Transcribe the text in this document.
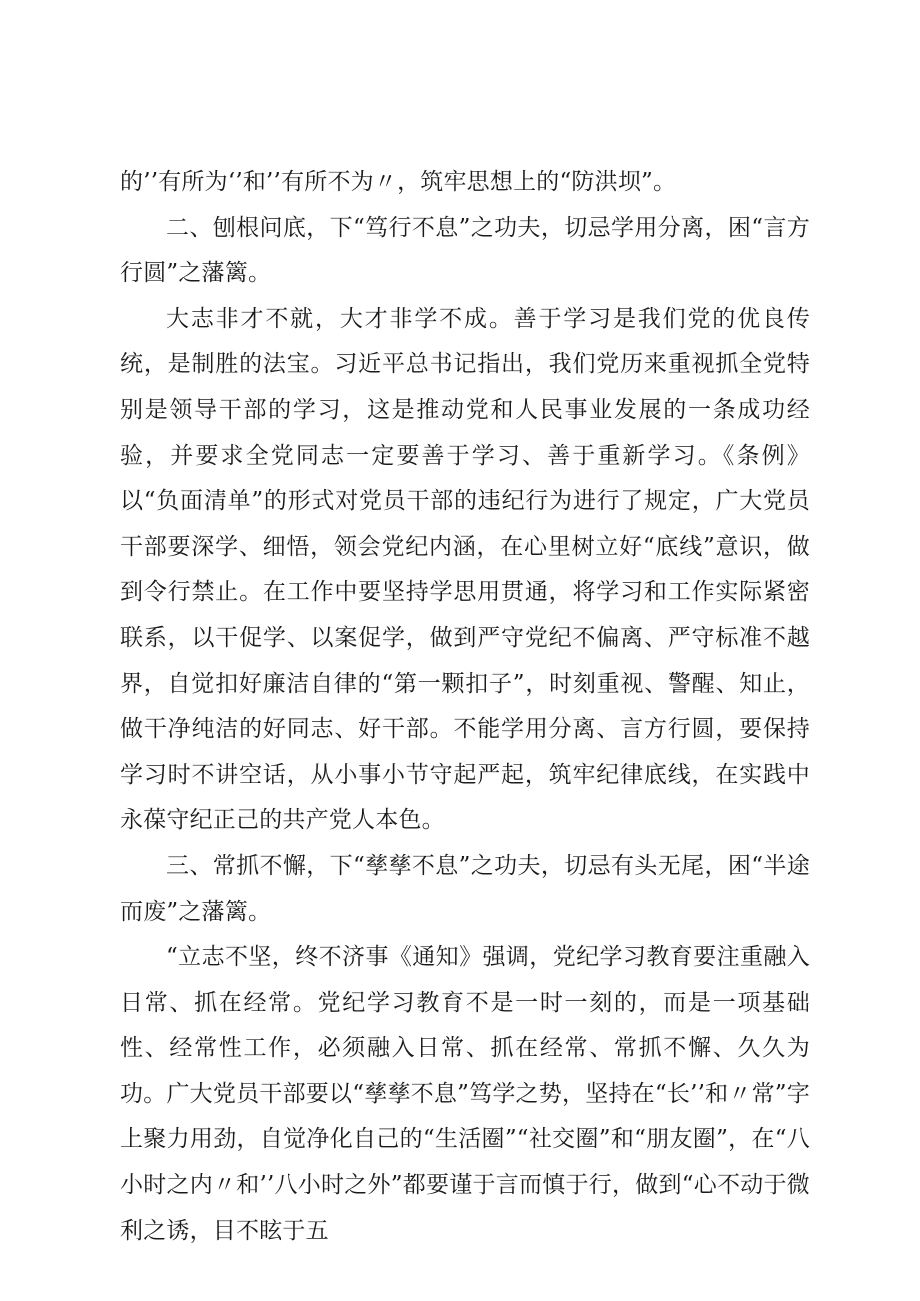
的’’有所为‘’和’’有所不为〃，筑牢思想上的“防洪坝”。

二、刨根问底，下“笃行不息”之功夫，切忌学用分离，困“言方行圆”之藩篱。

大志非才不就，大才非学不成。善于学习是我们党的优良传统，是制胜的法宝。习近平总书记指出，我们党历来重视抓全党特别是领导干部的学习，这是推动党和人民事业发展的一条成功经验，并要求全党同志一定要善于学习、善于重新学习。《条例》以“负面清单”的形式对党员干部的违纪行为进行了规定，广大党员干部要深学、细悟，领会党纪内涵，在心里树立好“底线”意识，做到令行禁止。在工作中要坚持学思用贯通，将学习和工作实际紧密联系，以干促学、以案促学，做到严守党纪不偏离、严守标准不越界，自觉扣好廉洁自律的“第一颗扣子”，时刻重视、警醒、知止，做干净纯洁的好同志、好干部。不能学用分离、言方行圆，要保持学习时不讲空话，从小事小节守起严起，筑牢纪律底线，在实践中永葆守纪正己的共产党人本色。

三、常抓不懈，下“孳孳不息”之功夫，切忌有头无尾，困“半途而废”之藩篱。

“立志不坚，终不济事《通知》强调，党纪学习教育要注重融入日常、抓在经常。党纪学习教育不是一时一刻的，而是一项基础性、经常性工作，必须融入日常、抓在经常、常抓不懈、久久为功。广大党员干部要以“孳孳不息”笃学之势，坚持在“长’’和〃常”字上聚力用劲，自觉净化自己的“生活圈”“社交圈”和“朋友圈”，在“八小时之内〃和’’八小时之外”都要谨于言而慎于行，做到“心不动于微利之诱，目不眩于五
